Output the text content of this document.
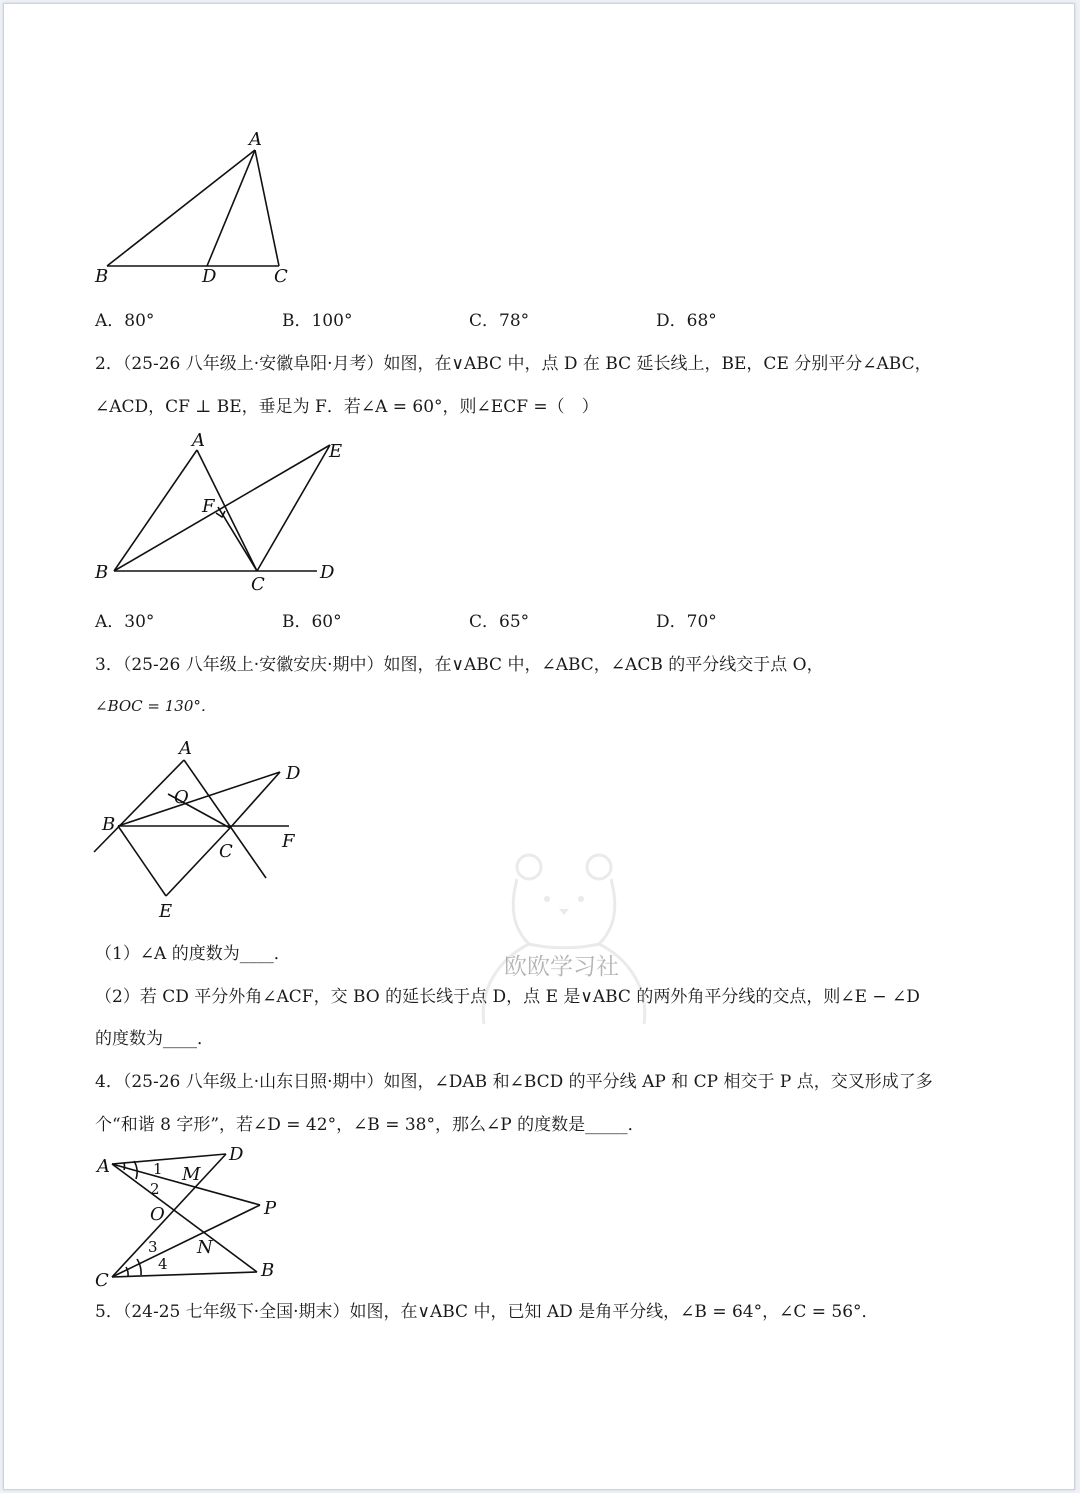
A
B	D	C
A．80°	B．100°	C．78°	D．68°
2．（25-26 八年级上·安徽阜阳·月考）如图，在∨ABC 中，点 D 在 BC 延长线上，BE，CE 分别平分∠ABC，
∠ACD，CF ⊥ BE，垂足为 F．若∠A = 60°，则∠ECF =（　）
A
E
F
B
C
D
A．30°	B．60°	C．65°	D．70°
3．（25-26 八年级上·安徽安庆·期中）如图，在∨ABC 中，∠ABC，∠ACB 的平分线交于点 O，
∠BOC = 130°．
A
D
O
B
F
C
E
（1）∠A 的度数为____．
（2）若 CD 平分外角∠ACF，交 BO 的延长线于点 D，点 E 是∨ABC 的两外角平分线的交点，则∠E − ∠D
的度数为____．
4．（25-26 八年级上·山东日照·期中）如图，∠DAB 和∠BCD 的平分线 AP 和 CP 相交于 P 点，交叉形成了多
个“和谐 8 字形”，若∠D = 42°，∠B = 38°，那么∠P 的度数是_____．
A
D
M
P
O
N
C	B
1
2
3
4
5．（24-25 七年级下·全国·期末）如图，在∨ABC 中，已知 AD 是角平分线，∠B = 64°，∠C = 56°．
欧欧学习社
